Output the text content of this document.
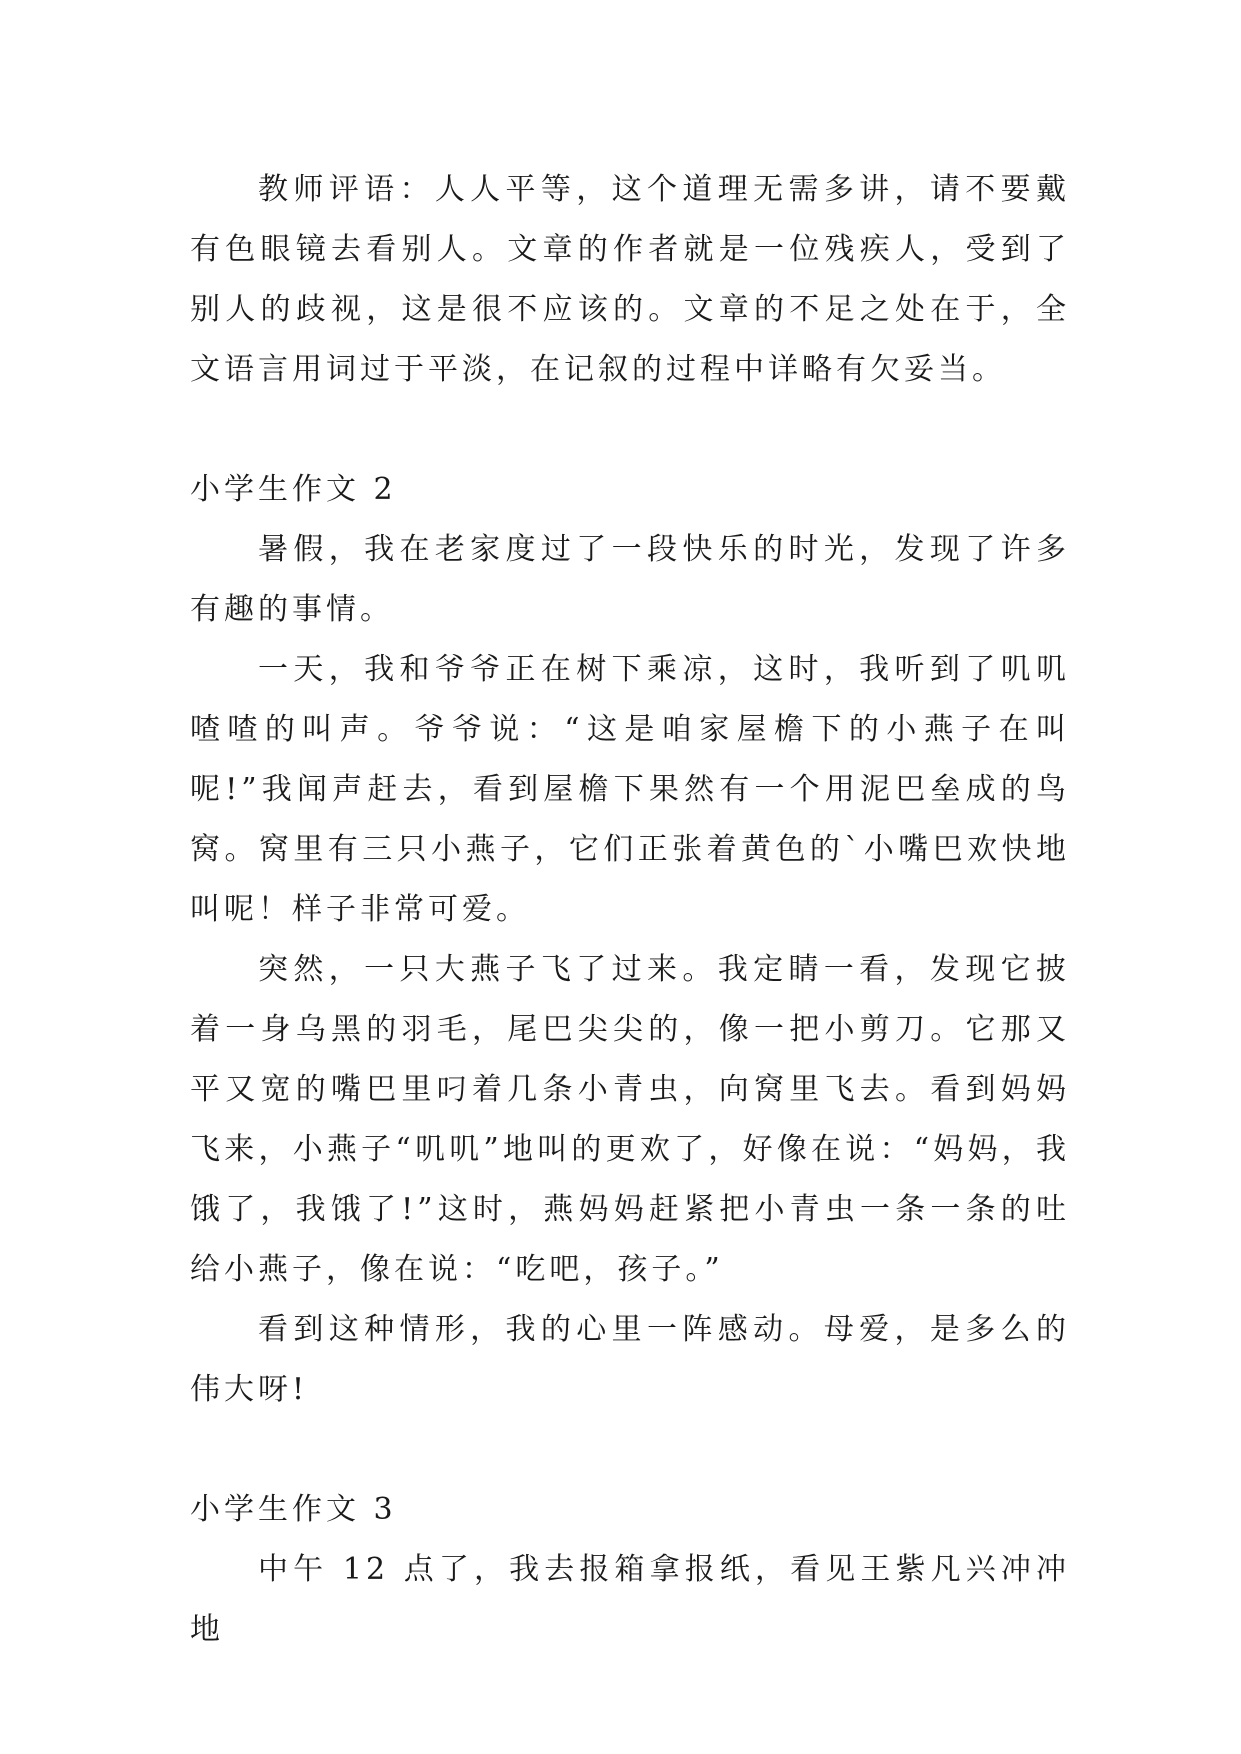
教师评语：人人平等，这个道理无需多讲，请不要戴有色眼镜去看别人。文章的作者就是一位残疾人，受到了别人的歧视，这是很不应该的。文章的不足之处在于，全文语言用词过于平淡，在记叙的过程中详略有欠妥当。

小学生作文 2

暑假，我在老家度过了一段快乐的时光，发现了许多有趣的事情。

一天，我和爷爷正在树下乘凉，这时，我听到了叽叽喳喳的叫声。爷爷说：“这是咱家屋檐下的小燕子在叫呢!”我闻声赶去，看到屋檐下果然有一个用泥巴垒成的鸟窝。窝里有三只小燕子，它们正张着黄色的`小嘴巴欢快地叫呢！样子非常可爱。

突然，一只大燕子飞了过来。我定睛一看，发现它披着一身乌黑的羽毛，尾巴尖尖的，像一把小剪刀。它那又平又宽的嘴巴里叼着几条小青虫，向窝里飞去。看到妈妈飞来，小燕子“叽叽”地叫的更欢了，好像在说：“妈妈，我饿了，我饿了!”这时，燕妈妈赶紧把小青虫一条一条的吐给小燕子，像在说：“吃吧，孩子。”

看到这种情形，我的心里一阵感动。母爱，是多么的伟大呀!

小学生作文 3

中午 12 点了，我去报箱拿报纸，看见王紫凡兴冲冲地
